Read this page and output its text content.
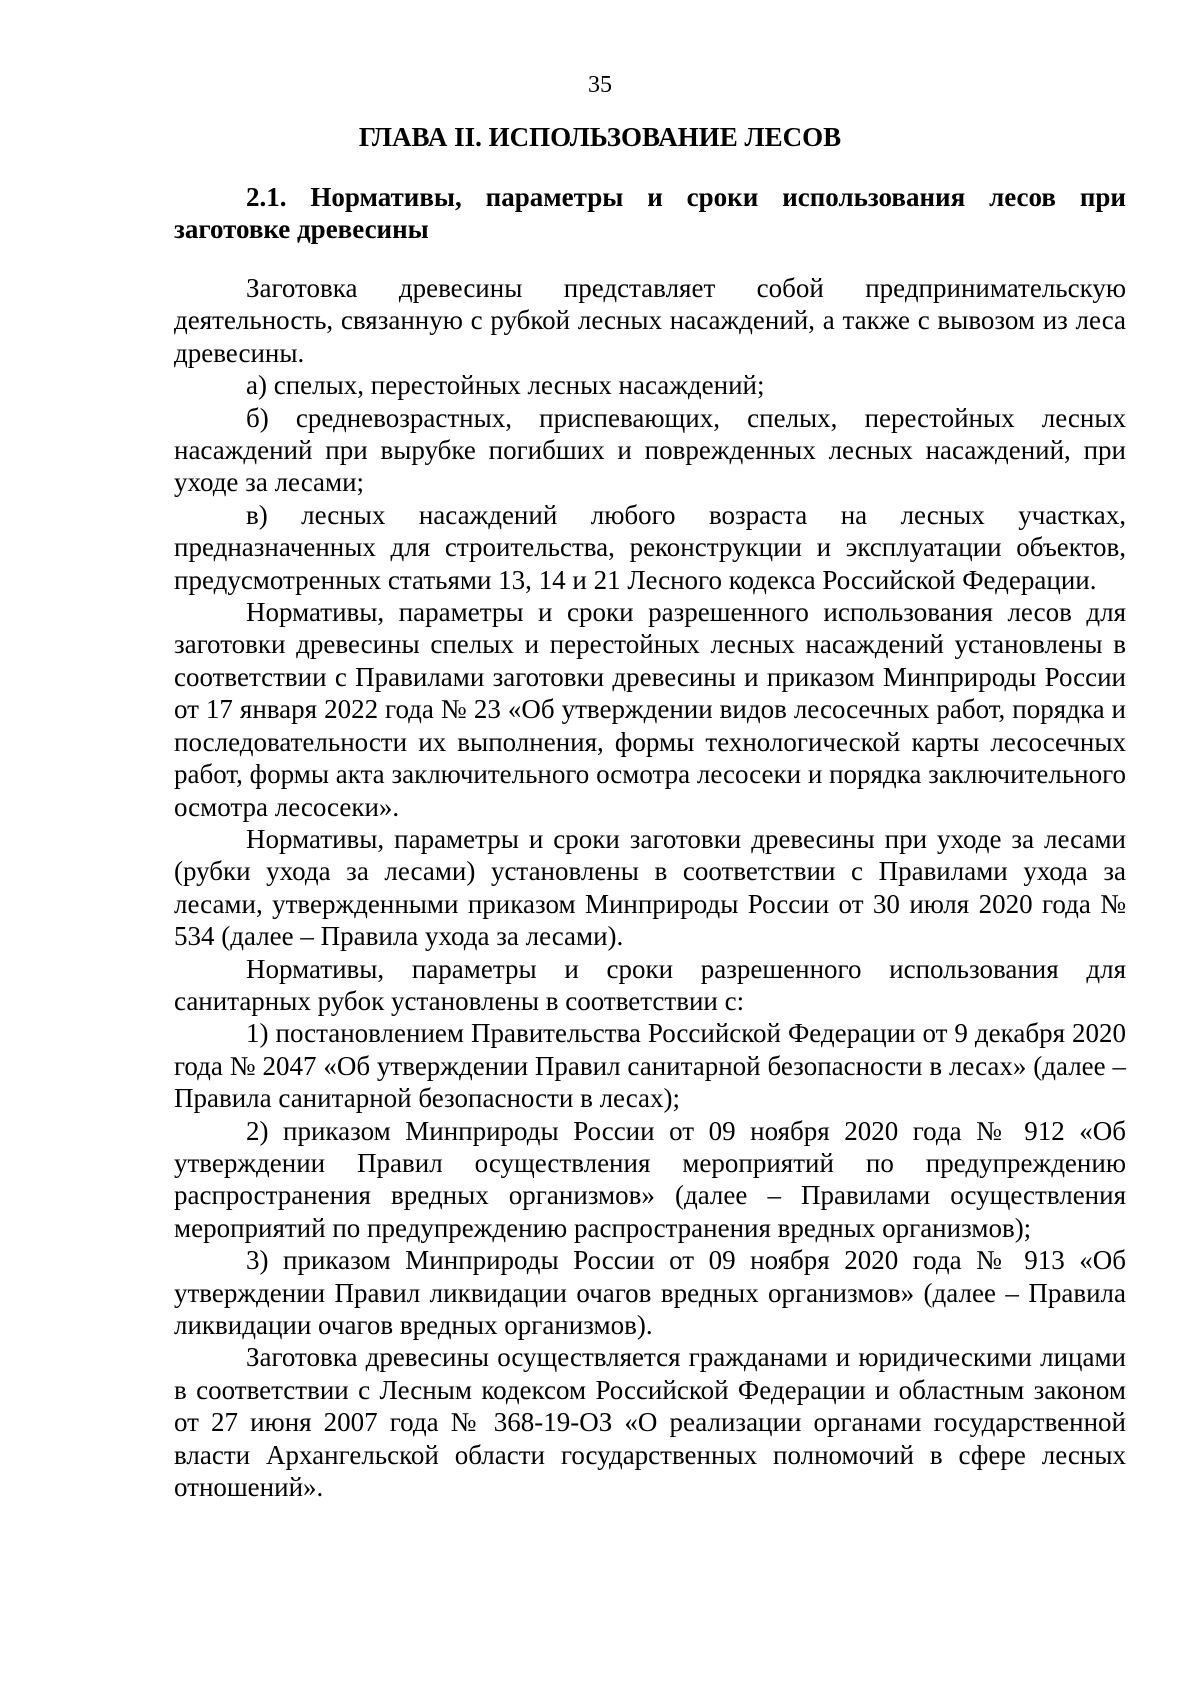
35
ГЛАВА II. ИСПОЛЬЗОВАНИЕ ЛЕСОВ
2.1. Нормативы, параметры и сроки использования лесов при заготовке древесины

Заготовка древесины представляет собой предпринимательскую деятельность, связанную с рубкой лесных насаждений, а также с вывозом из леса древесины.

а) спелых, перестойных лесных насаждений;

б) средневозрастных, приспевающих, спелых, перестойных лесных насаждений при вырубке погибших и поврежденных лесных насаждений, при уходе за лесами;

в) лесных насаждений любого возраста на лесных участках, предназначенных для строительства, реконструкции и эксплуатации объектов, предусмотренных статьями 13, 14 и 21 Лесного кодекса Российской Федерации.

Нормативы, параметры и сроки разрешенного использования лесов для заготовки древесины спелых и перестойных лесных насаждений установлены в соответствии с Правилами заготовки древесины и приказом Минприроды России от 17 января 2022 года № 23 «Об утверждении видов лесосечных работ, порядка и последовательности их выполнения, формы технологической карты лесосечных работ, формы акта заключительного осмотра лесосеки и порядка заключительного осмотра лесосеки».

Нормативы, параметры и сроки заготовки древесины при уходе за лесами (рубки ухода за лесами) установлены в соответствии с Правилами ухода за лесами, утвержденными приказом Минприроды России от 30 июля 2020 года № 534 (далее – Правила ухода за лесами).

Нормативы, параметры и сроки разрешенного использования для санитарных рубок установлены в соответствии с:

1) постановлением Правительства Российской Федерации от 9 декабря 2020 года № 2047 «Об утверждении Правил санитарной безопасности в лесах» (далее – Правила санитарной безопасности в лесах);

2) приказом Минприроды России от 09 ноября 2020 года № 912 «Об утверждении Правил осуществления мероприятий по предупреждению распространения вредных организмов» (далее – Правилами осуществления мероприятий по предупреждению распространения вредных организмов);

3) приказом Минприроды России от 09 ноября 2020 года № 913 «Об утверждении Правил ликвидации очагов вредных организмов» (далее – Правила ликвидации очагов вредных организмов).

Заготовка древесины осуществляется гражданами и юридическими лицами в соответствии с Лесным кодексом Российской Федерации и областным законом от 27 июня 2007 года № 368-19-ОЗ «О реализации органами государственной власти Архангельской области государственных полномочий в сфере лесных отношений».
